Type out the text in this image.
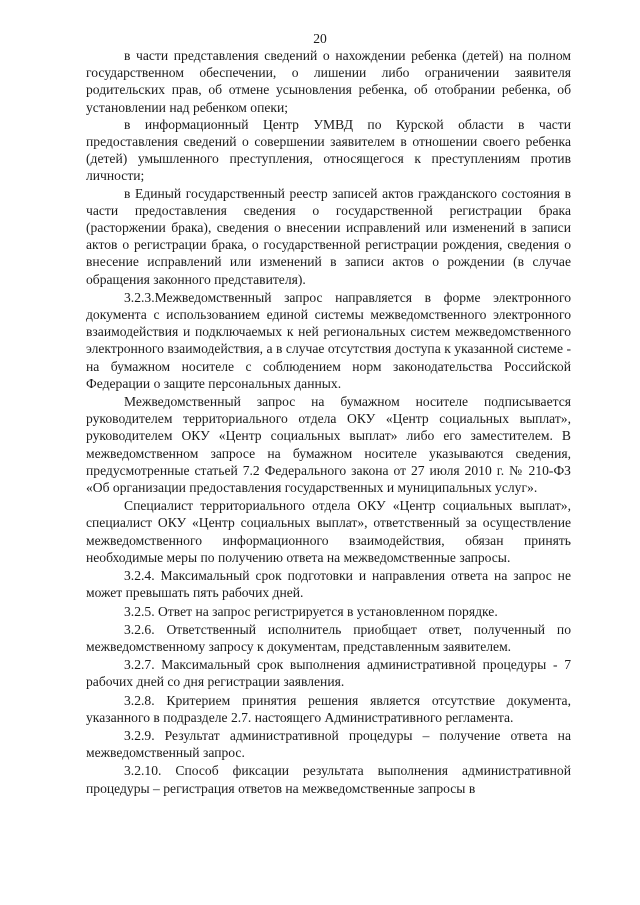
20

в части представления сведений о нахождении ребенка (детей) на полном государственном обеспечении, о лишении либо ограничении заявителя родительских прав, об отмене усыновления ребенка, об отобрании ребенка, об установлении над ребенком опеки;

в информационный Центр УМВД по Курской области в части предоставления сведений о совершении заявителем в отношении своего ребенка (детей) умышленного преступления, относящегося к преступлениям против личности;

в Единый государственный реестр записей актов гражданского состояния в части предоставления сведения о государственной регистрации брака (расторжении брака), сведения о внесении исправлений или изменений в записи актов о регистрации брака, о государственной регистрации рождения, сведения о внесение исправлений или изменений в записи актов о рождении (в случае обращения законного представителя).

3.2.3.Межведомственный запрос направляется в форме электронного документа с использованием единой системы межведомственного электронного взаимодействия и подключаемых к ней региональных систем межведомственного электронного взаимодействия, а в случае отсутствия доступа к указанной системе - на бумажном носителе с соблюдением норм законодательства Российской Федерации о защите персональных данных.

Межведомственный запрос на бумажном носителе подписывается руководителем территориального отдела ОКУ «Центр социальных выплат», руководителем ОКУ «Центр социальных выплат» либо его заместителем. В межведомственном запросе на бумажном носителе указываются сведения, предусмотренные статьей 7.2 Федерального закона от 27 июля 2010 г. № 210-ФЗ «Об организации предоставления государственных и муниципальных услуг».

Специалист территориального отдела ОКУ «Центр социальных выплат», специалист ОКУ «Центр социальных выплат», ответственный за осуществление межведомственного информационного взаимодействия, обязан принять необходимые меры по получению ответа на межведомственные запросы.

3.2.4. Максимальный срок подготовки и направления ответа на запрос не может превышать пять рабочих дней.

3.2.5. Ответ на запрос регистрируется в установленном порядке.

3.2.6. Ответственный исполнитель приобщает ответ, полученный по межведомственному запросу к документам, представленным заявителем.

3.2.7. Максимальный срок выполнения административной процедуры - 7 рабочих дней со дня регистрации заявления.

3.2.8. Критерием принятия решения является отсутствие документа, указанного в подразделе 2.7. настоящего Административного регламента.

3.2.9. Результат административной процедуры – получение ответа на межведомственный запрос.

3.2.10. Способ фиксации результата выполнения административной процедуры – регистрация ответов на межведомственные запросы в
